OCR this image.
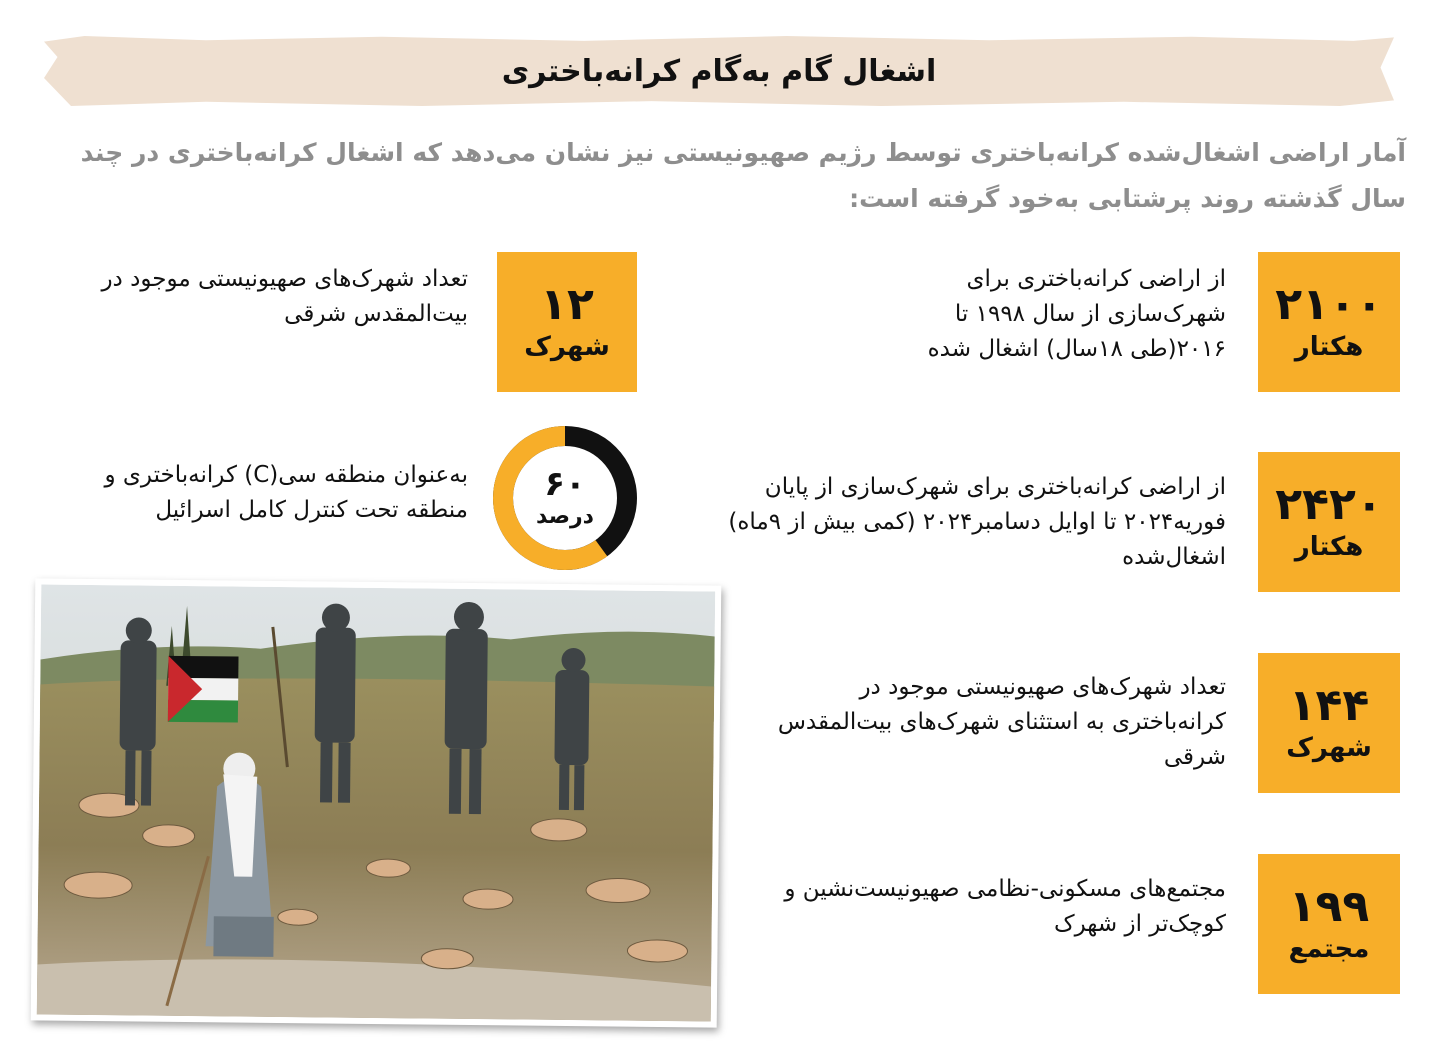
اشغال گام به‌گام کرانه‌باختری
آمار اراضی اشغال‌شده کرانه‌باختری توسط رژیم صهیونیستی نیز نشان می‌دهد که اشغال کرانه‌باختری در چند سال گذشته روند پرشتابی به‌خود گرفته است:
۲۱۰۰
هکتار
از اراضی کرانه‌باختری برای شهرک‌سازی از سال ۱۹۹۸ تا ۲۰۱۶(طی ۱۸سال) اشغال شده
۲۴۲۰
هکتار
از اراضی کرانه‌باختری برای شهرک‌سازی از پایان فوریه۲۰۲۴ تا اوایل دسامبر۲۰۲۴ (کمی بیش از ۹ماه) اشغال‌شده
۱۴۴
شهرک
تعداد شهرک‌های صهیونیستی موجود در کرانه‌باختری به استثنای شهرک‌های بیت‌المقدس شرقی
۱۹۹
مجتمع
مجتمع‌های مسکونی-نظامی صهیونیست‌نشین و کوچک‌تر از شهرک
۱۲
شهرک
تعداد شهرک‌های صهیونیستی موجود در بیت‌المقدس شرقی
۶۰
درصد
به‌عنوان منطقه سی(C) کرانه‌باختری و منطقه تحت کنترل کامل اسرائیل
